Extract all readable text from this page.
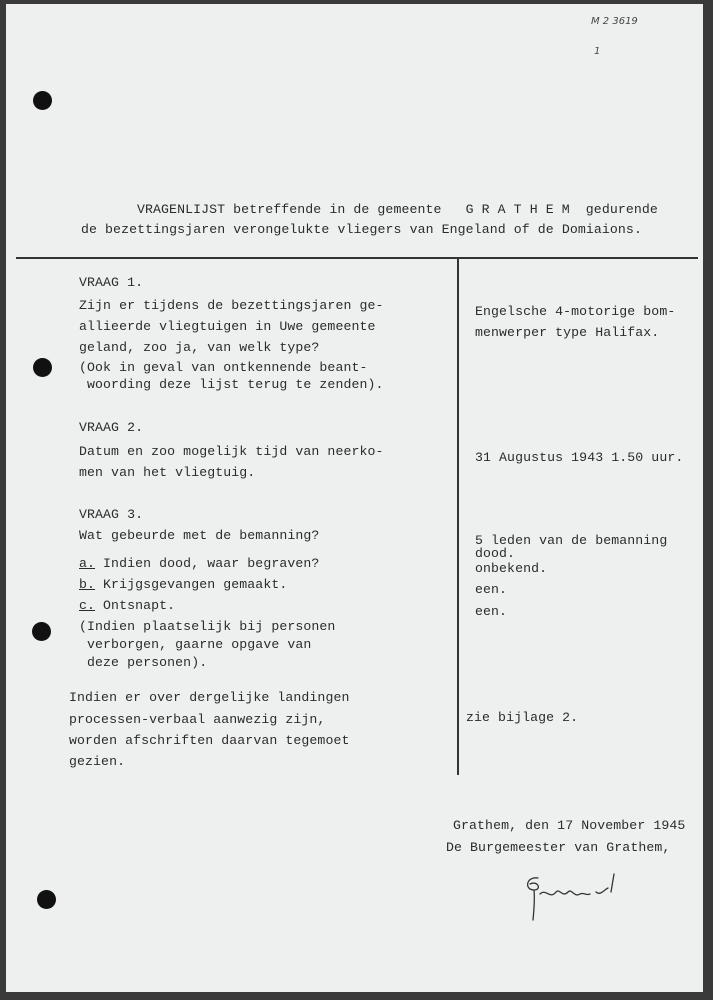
M 2 3619
1
VRAGENLIJST betreffende in de gemeente G R A T H E M gedurende
de bezettingsjaren verongelukte vliegers van Engeland of de Domiaions.
VRAAG 1.
Zijn er tijdens de bezettingsjaren ge-
allieerde vliegtuigen in Uwe gemeente
geland, zoo ja, van welk type?
(Ook in geval van ontkennende beant-
woording deze lijst terug te zenden).
Engelsche 4-motorige bom-
menwerper type Halifax.
VRAAG 2.
Datum en zoo mogelijk tijd van neerko-
men van het vliegtuig.
31 Augustus 1943 1.50 uur.
VRAAG 3.
Wat gebeurde met de bemanning?
a. Indien dood, waar begraven?
b. Krijgsgevangen gemaakt.
c. Ontsnapt.
(Indien plaatselijk bij personen
verborgen, gaarne opgave van
deze personen).
5 leden van de bemanning
dood.
onbekend.
een.
een.
Indien er over dergelijke landingen
processen-verbaal aanwezig zijn,
worden afschriften daarvan tegemoet
gezien.
zie bijlage 2.
Grathem, den 17 November 1945
De Burgemeester van Grathem,
